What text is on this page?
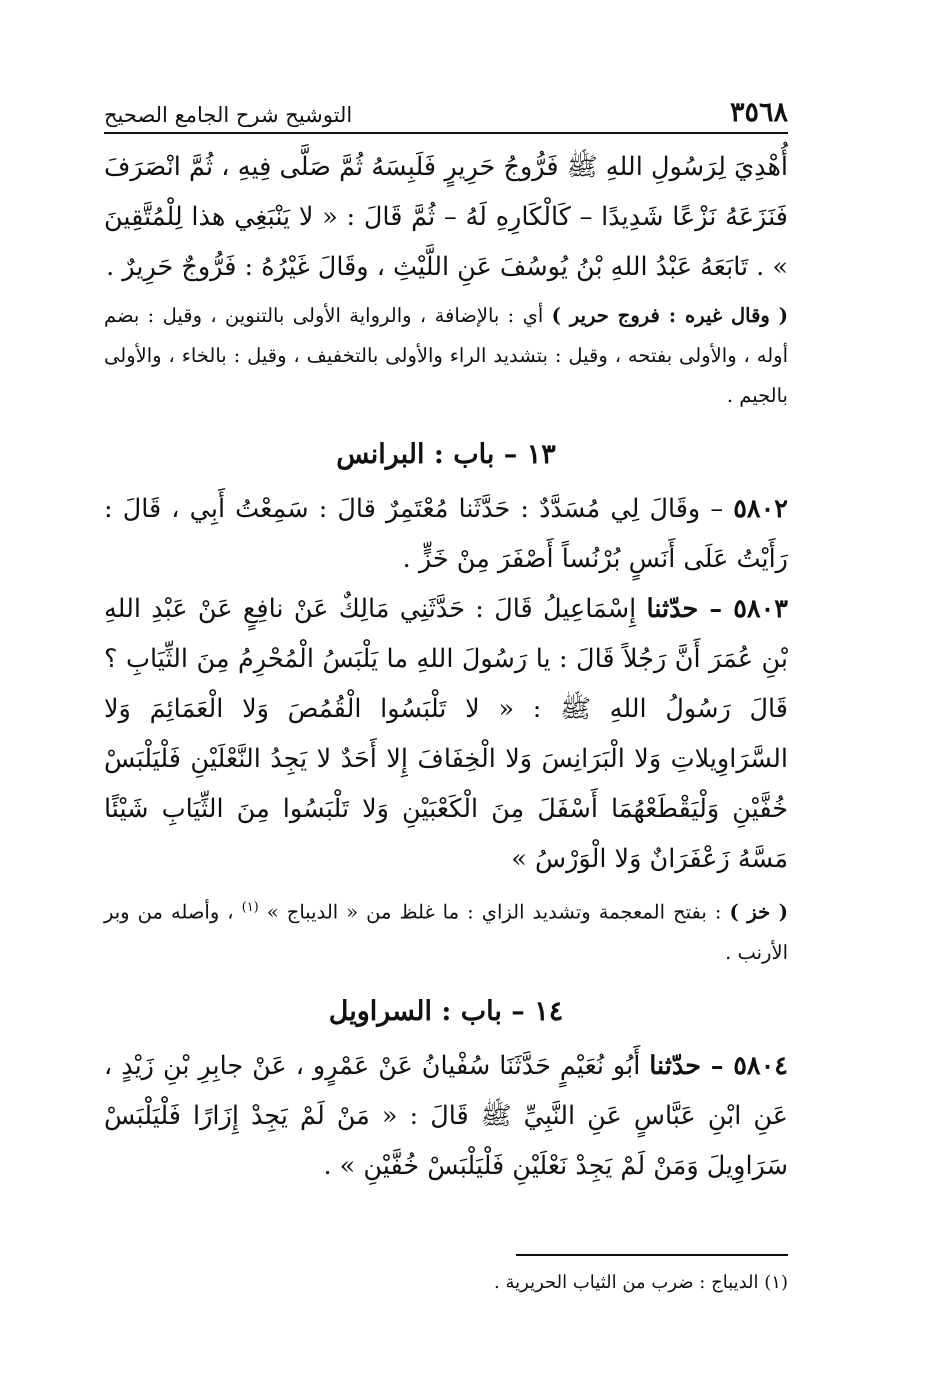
٣٥٦٨
التوشيح شرح الجامع الصحيح

أُهْدِيَ لِرَسُولِ اللهِ ﷺ فَرُّوجُ حَرِيرٍ فَلَبِسَهُ ثُمَّ صَلَّى فِيهِ ، ثُمَّ انْصَرَفَ فَنَزَعَهُ نَزْعًا شَدِيدًا – كَالْكَارِهِ لَهُ – ثُمَّ قَالَ : « لا يَنْبَغِي هذا لِلْمُتَّقِينَ » . تَابَعَهُ عَبْدُ اللهِ بْنُ يُوسُفَ عَنِ اللَّيْثِ ، وقَالَ غَيْرُهُ : فَرُّوجٌ حَرِيرٌ .

( وقال غيره : فروج حرير ) أي : بالإضافة ، والرواية الأولى بالتنوين ، وقيل : بضم أوله ، والأولى بفتحه ، وقيل : بتشديد الراء والأولى بالتخفيف ، وقيل : بالخاء ، والأولى بالجيم .

١٣ – باب : البرانس

٥٨٠٢ – وقَالَ لِي مُسَدَّدٌ : حَدَّثَنا مُعْتَمِرٌ قالَ : سَمِعْتُ أَبِي ، قَالَ : رَأَيْتُ عَلَى أَنَسٍ بُرْنُساً أَصْفَرَ مِنْ خَزٍّ .

٥٨٠٣ – حدّثنا إِسْمَاعِيلُ قَالَ : حَدَّثَنِي مَالِكٌ عَنْ نافِعٍ عَنْ عَبْدِ اللهِ بْنِ عُمَرَ أَنَّ رَجُلاً قَالَ : يا رَسُولَ اللهِ ما يَلْبَسُ الْمُحْرِمُ مِنَ الثِّيَابِ ؟ قَالَ رَسُولُ اللهِ ﷺ : « لا تَلْبَسُوا الْقُمُصَ وَلا الْعَمَائِمَ وَلا السَّرَاوِيلاتِ وَلا الْبَرَانِسَ وَلا الْخِفَافَ إِلا أَحَدٌ لا يَجِدُ النَّعْلَيْنِ فَلْيَلْبَسْ خُفَّيْنِ وَلْيَقْطَعْهُمَا أَسْفَلَ مِنَ الْكَعْبَيْنِ وَلا تَلْبَسُوا مِنَ الثِّيَابِ شَيْئًا مَسَّهُ زَعْفَرَانٌ وَلا الْوَرْسُ »

( خز ) : بفتح المعجمة وتشديد الزاي : ما غلظ من « الديباج » $^{(١)}$ ، وأصله من وبر الأرنب .

١٤ – باب : السراويل

٥٨٠٤ – حدّثنا أَبُو نُعَيْمٍ حَدَّثَنَا سُفْيانُ عَنْ عَمْرٍو ، عَنْ جابِرِ بْنِ زَيْدٍ ، عَنِ ابْنِ عَبَّاسٍ عَنِ النَّبِيِّ ﷺ قَالَ : « مَنْ لَمْ يَجِدْ إِزَارًا فَلْيَلْبَسْ سَرَاوِيلَ وَمَنْ لَمْ يَجِدْ نَعْلَيْنِ فَلْيَلْبَسْ خُفَّيْنِ » .

(١) الديباج : ضرب من الثياب الحريرية .
